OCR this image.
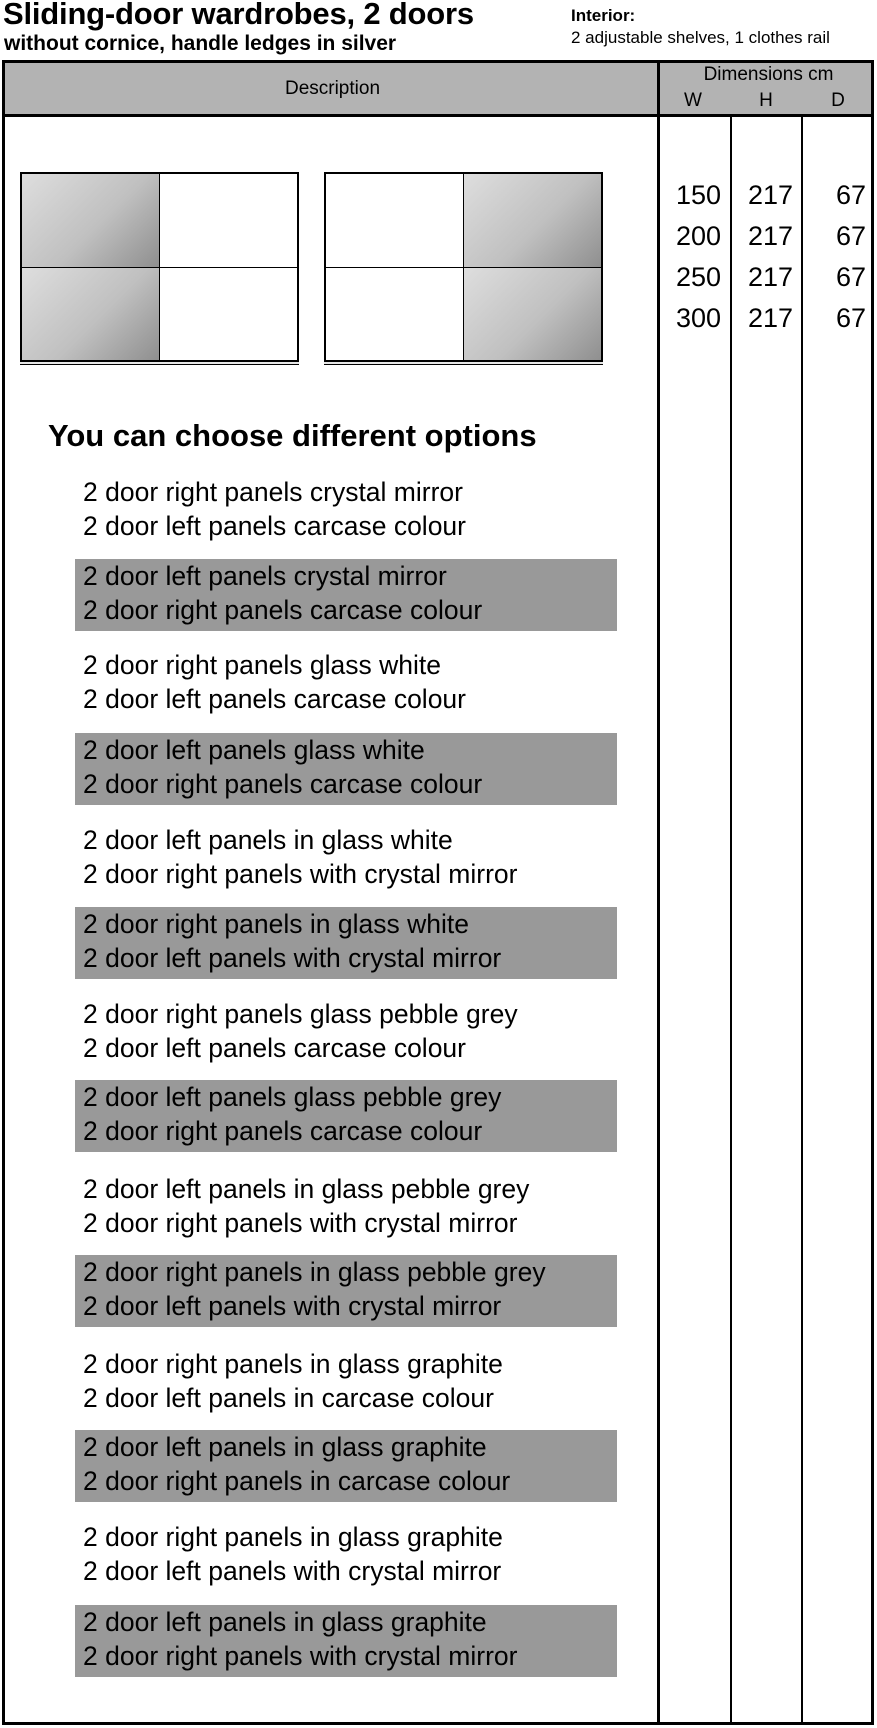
Sliding-door wardrobes, 2 doors
without cornice, handle ledges in silver
Interior:
2 adjustable shelves, 1 clothes rail
Description
Dimensions cm
W	H	D
150 217	67
200 217	67
250 217	67
300 217	67
You can choose different options
2 door right panels crystal mirror
2 door left panels carcase colour
2 door left panels crystal mirror
2 door right panels carcase colour
2 door right panels glass white
2 door left panels carcase colour
2 door left panels glass white
2 door right panels carcase colour
2 door left panels in glass white
2 door right panels with crystal mirror
2 door right panels in glass white
2 door left panels with crystal mirror
2 door right panels glass pebble grey
2 door left panels carcase colour
2 door left panels glass pebble grey
2 door right panels carcase colour
2 door left panels in glass pebble grey
2 door right panels with crystal mirror
2 door right panels in glass pebble grey
2 door left panels with crystal mirror
2 door right panels in glass graphite
2 door left panels in carcase colour
2 door left panels in glass graphite
2 door right panels in carcase colour
2 door right panels in glass graphite
2 door left panels with crystal mirror
2 door left panels in glass graphite
2 door right panels with crystal mirror
